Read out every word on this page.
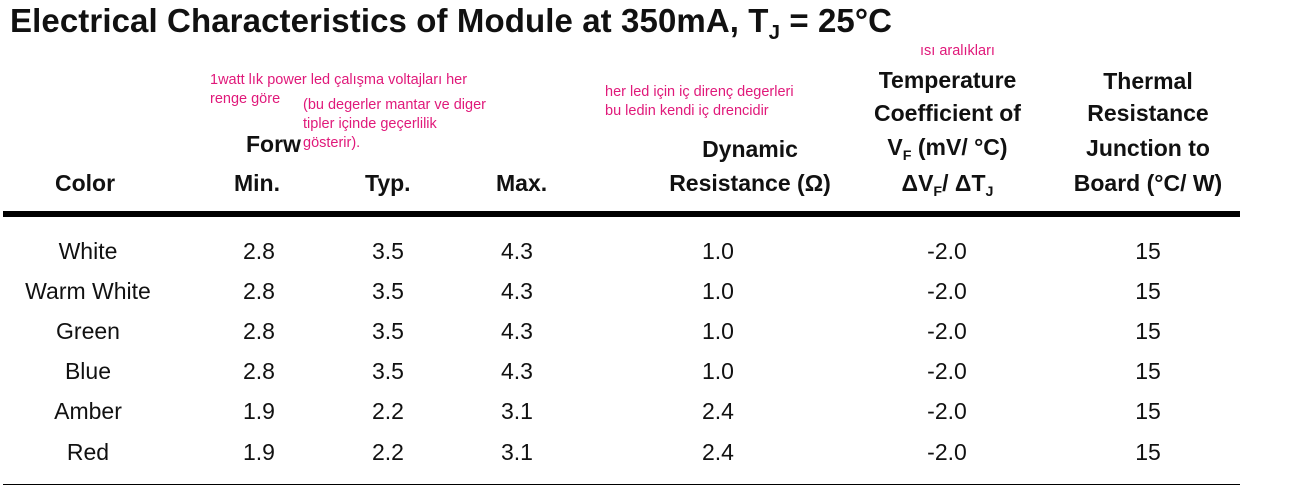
Electrical Characteristics of Module at 350mA, $T_J = 25^\circ C$
ısı aralıkları
1watt lık power led çalışma voltajları her
renge göre (bu degerler mantar ve diger
tipler içinde geçerlilik
gösterir).
her led için iç direnç degerleri
bu ledin kendi iç drencidir
Forw
Color	Min.	Typ.	Max.
Dynamic
Resistance (Ω)
Temperature
Coefficient of
$V_F$ (mV/ °C)
$\Delta V_F/$ $\Delta T_J$
Thermal
Resistance
Junction to
Board (°C/ W)
White	2.8	3.5	4.3	1.0	-2.0	15
Warm White	2.8	3.5	4.3	1.0	-2.0	15
Green	2.8	3.5	4.3	1.0	-2.0	15
Blue	2.8	3.5	4.3	1.0	-2.0	15
Amber	1.9	2.2	3.1	2.4	-2.0	15
Red	1.9	2.2	3.1	2.4	-2.0	15
